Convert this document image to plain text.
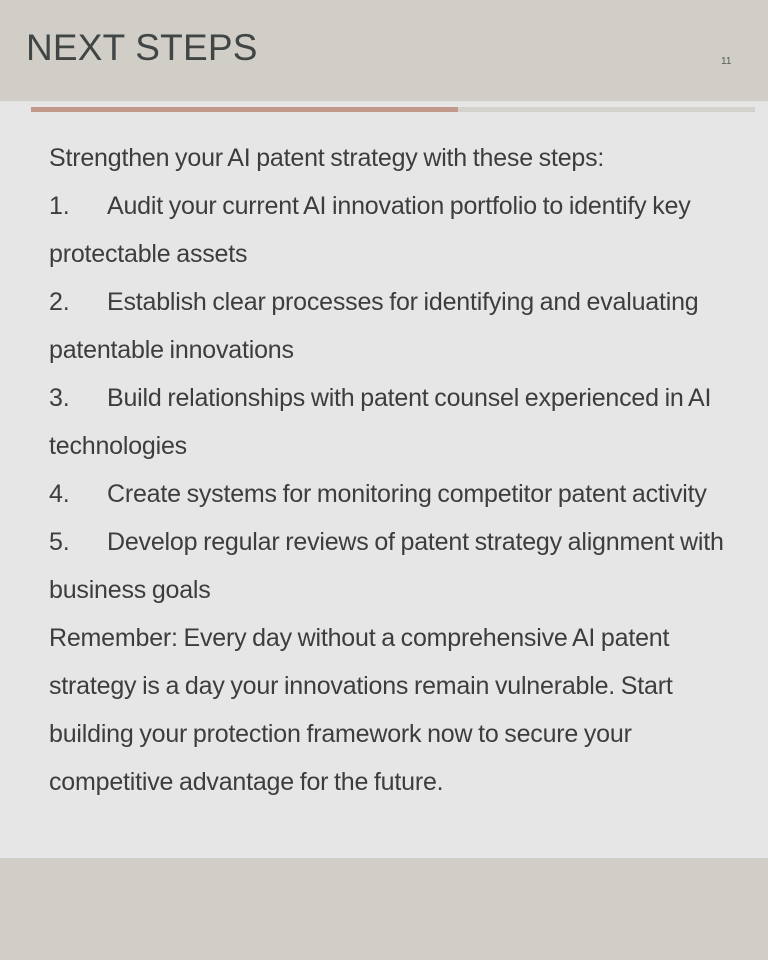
NEXT STEPS	11
Strengthen your AI patent strategy with these steps:
1. Audit your current AI innovation portfolio to identify key protectable assets
2. Establish clear processes for identifying and evaluating patentable innovations
3. Build relationships with patent counsel experienced in AI technologies
4. Create systems for monitoring competitor patent activity
5. Develop regular reviews of patent strategy alignment with business goals
Remember: Every day without a comprehensive AI patent strategy is a day your innovations remain vulnerable. Start building your protection framework now to secure your competitive advantage for the future.
